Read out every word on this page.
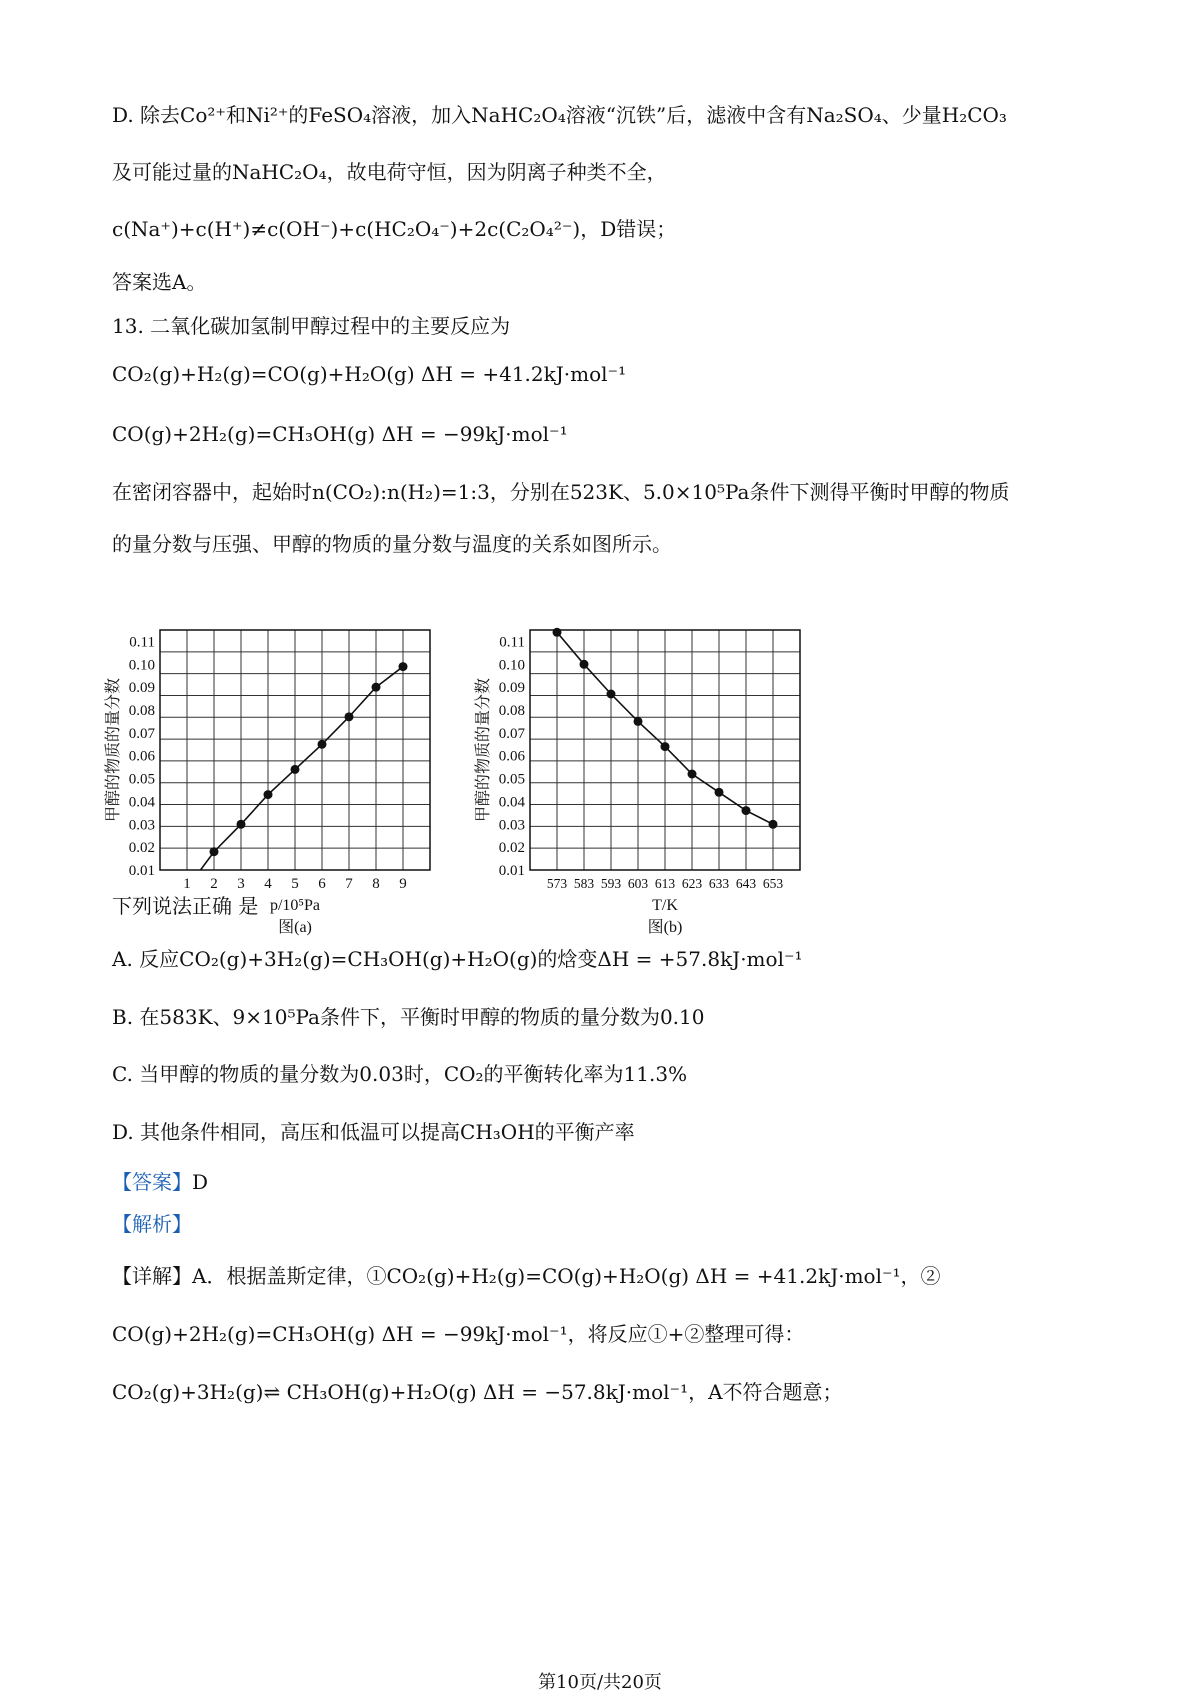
D. 除去Co²⁺和Ni²⁺的FeSO₄溶液，加入NaHC₂O₄溶液“沉铁”后，滤液中含有Na₂SO₄、少量H₂CO₃
及可能过量的NaHC₂O₄，故电荷守恒，因为阴离子种类不全，
c(Na⁺)+c(H⁺)≠c(OH⁻)+c(HC₂O₄⁻)+2c(C₂O₄²⁻)，D错误；
答案选A。
13. 二氧化碳加氢制甲醇过程中的主要反应为
CO₂(g)+H₂(g)=CO(g)+H₂O(g) ΔH = +41.2kJ·mol⁻¹
CO(g)+2H₂(g)=CH₃OH(g) ΔH = −99kJ·mol⁻¹
在密闭容器中，起始时n(CO₂):n(H₂)=1:3，分别在523K、5.0×10⁵Pa条件下测得平衡时甲醇的物质
的量分数与压强、甲醇的物质的量分数与温度的关系如图所示。
0.01
0.02
0.03
0.04
0.05
0.06
0.07
0.08
0.09
0.10
0.11
1 2 3 4 5 6 7 8 9
甲醇的物质的量分数
p/10⁵Pa
图(a)
0.01
0.02
0.03
0.04
0.05
0.06
0.07
0.08
0.09
0.10
0.11
573 583 593 603 613 623 633 643 653
甲醇的物质的量分数
T/K
图(b)
下列说法正确 是
A. 反应CO₂(g)+3H₂(g)=CH₃OH(g)+H₂O(g)的焓变ΔH = +57.8kJ·mol⁻¹
B. 在583K、9×10⁵Pa条件下，平衡时甲醇的物质的量分数为0.10
C. 当甲醇的物质的量分数为0.03时，CO₂的平衡转化率为11.3%
D. 其他条件相同，高压和低温可以提高CH₃OH的平衡产率
【答案】D
【解析】
【详解】A．根据盖斯定律，①CO₂(g)+H₂(g)=CO(g)+H₂O(g) ΔH = +41.2kJ·mol⁻¹，②
CO(g)+2H₂(g)=CH₃OH(g) ΔH = −99kJ·mol⁻¹，将反应①+②整理可得：
CO₂(g)+3H₂(g)⇌ CH₃OH(g)+H₂O(g) ΔH = −57.8kJ·mol⁻¹，A不符合题意；
第10页/共20页
